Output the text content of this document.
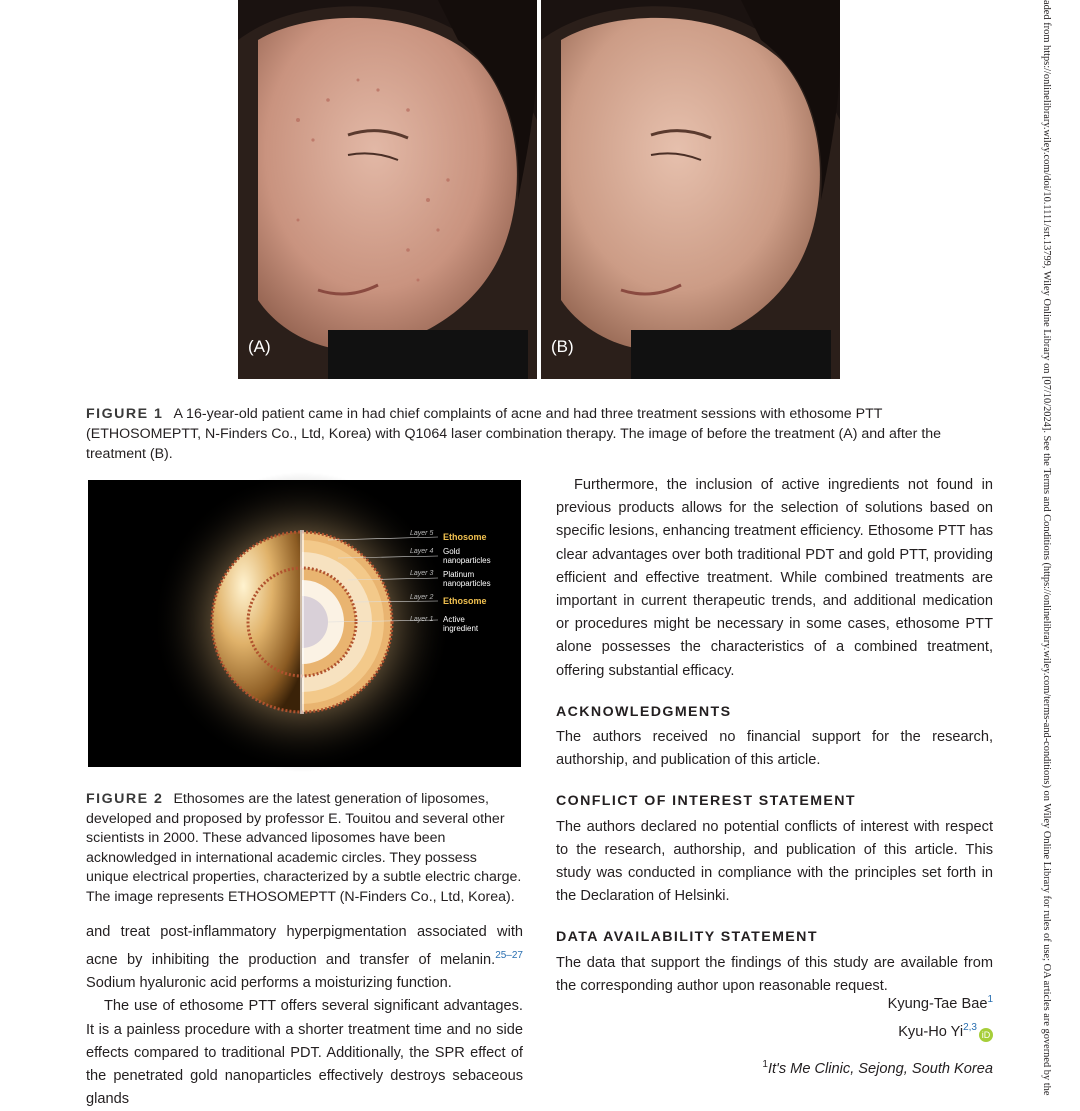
(A)	(B)
FIGURE 1 A 16-year-old patient came in had chief complaints of acne and had three treatment sessions with ethosome PTT (ETHOSOMEPTT, N-Finders Co., Ltd, Korea) with Q1064 laser combination therapy. The image of before the treatment (A) and after the treatment (B).
Layer 5 Ethosome
Layer 4 Gold
nanoparticles
Layer 3 Platinum
nanoparticles
Layer 2 Ethosome
Layer 1 Active
ingredient
FIGURE 2 Ethosomes are the latest generation of liposomes, developed and proposed by professor E. Touitou and several other scientists in 2000. These advanced liposomes have been acknowledged in international academic circles. They possess unique electrical properties, characterized by a subtle electric charge. The image represents ETHOSOMEPTT (N-Finders Co., Ltd, Korea).

and treat post-inflammatory hyperpigmentation associated with acne by inhibiting the production and transfer of melanin.$^{25-27}$ Sodium hyaluronic acid performs a moisturizing function.

The use of ethosome PTT offers several significant advantages. It is a painless procedure with a shorter treatment time and no side effects compared to traditional PDT. Additionally, the SPR effect of the penetrated gold nanoparticles effectively destroys sebaceous glands

Furthermore, the inclusion of active ingredients not found in previous products allows for the selection of solutions based on specific lesions, enhancing treatment efficiency. Ethosome PTT has clear advantages over both traditional PDT and gold PTT, providing efficient and effective treatment. While combined treatments are important in current therapeutic trends, and additional medication or procedures might be necessary in some cases, ethosome PTT alone possesses the characteristics of a combined treatment, offering substantial efficacy.

ACKNOWLEDGMENTS

The authors received no financial support for the research, authorship, and publication of this article.

CONFLICT OF INTEREST STATEMENT

The authors declared no potential conflicts of interest with respect to the research, authorship, and publication of this article. This study was conducted in compliance with the principles set forth in the Declaration of Helsinki.

DATA AVAILABILITY STATEMENT

The data that support the findings of this study are available from the corresponding author upon reasonable request.

Kyung-Tae Bae$^1$
Kyu-Ho Yi$^{2,3}$iD
$^1$It's Me Clinic, Sejong, South Korea	aded from https://onlinelibrary.wiley.com/doi/10.1111/srt.13799, Wiley Online Library on [07/10/2024]. See the Terms and Conditions (https://onlinelibrary.wiley.com/terms-and-conditions) on Wiley Online Library for rules of use; OA articles are governed by the
